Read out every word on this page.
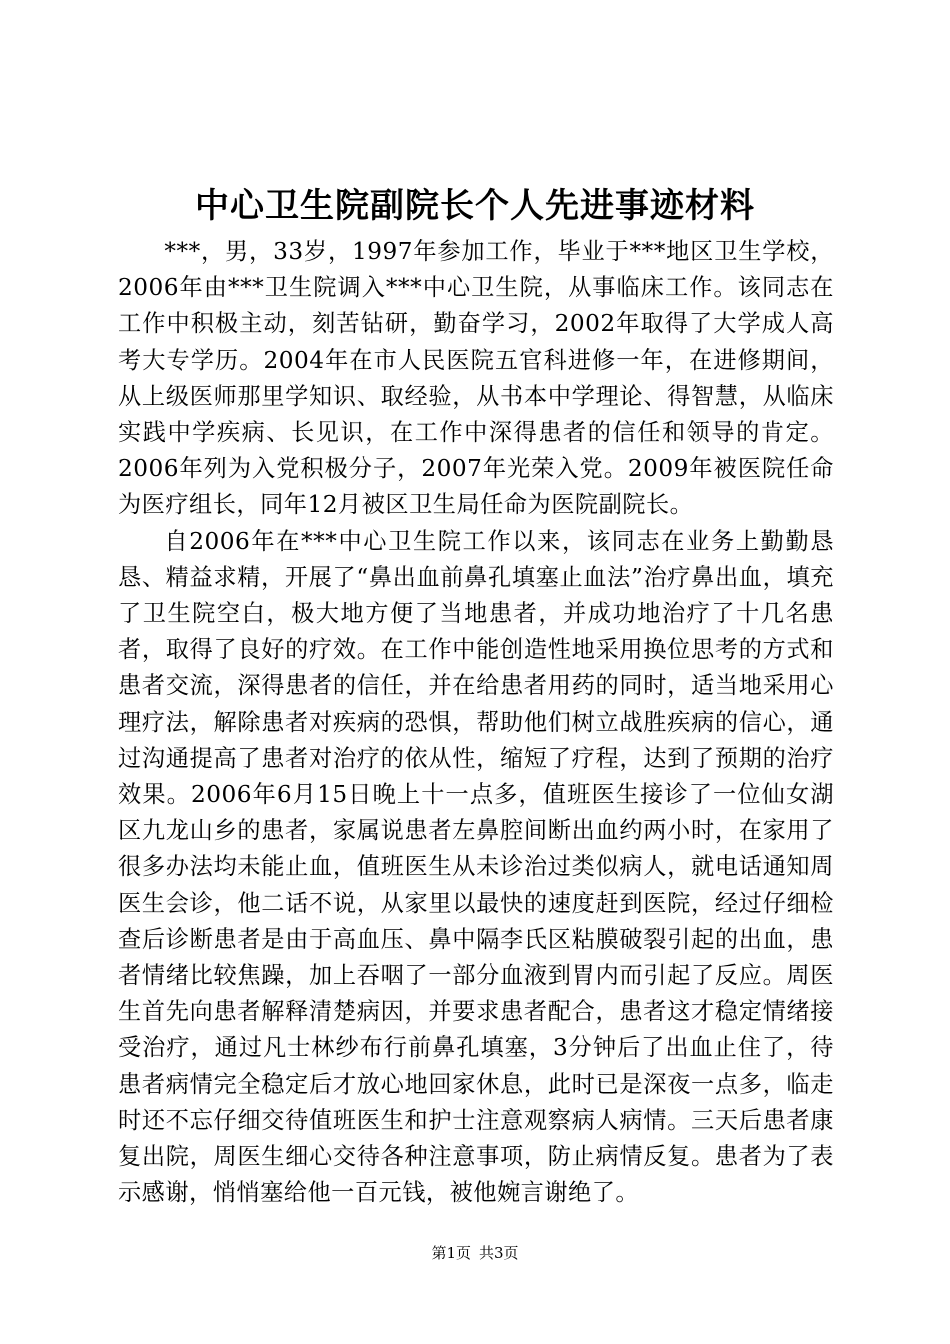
中心卫生院副院长个人先进事迹材料

***，男，33岁，1997年参加工作，毕业于***地区卫生学校，2006年由***卫生院调入***中心卫生院，从事临床工作。该同志在工作中积极主动，刻苦钻研，勤奋学习，2002年取得了大学成人高考大专学历。2004年在市人民医院五官科进修一年，在进修期间，从上级医师那里学知识、取经验，从书本中学理论、得智慧，从临床实践中学疾病、长见识，在工作中深得患者的信任和领导的肯定。2006年列为入党积极分子，2007年光荣入党。2009年被医院任命为医疗组长，同年12月被区卫生局任命为医院副院长。

自2006年在***中心卫生院工作以来，该同志在业务上勤勤恳恳、精益求精，开展了“鼻出血前鼻孔填塞止血法”治疗鼻出血，填充了卫生院空白，极大地方便了当地患者，并成功地治疗了十几名患者，取得了良好的疗效。在工作中能创造性地采用换位思考的方式和患者交流，深得患者的信任，并在给患者用药的同时，适当地采用心理疗法，解除患者对疾病的恐惧，帮助他们树立战胜疾病的信心，通过沟通提高了患者对治疗的依从性，缩短了疗程，达到了预期的治疗效果。2006年6月15日晚上十一点多，值班医生接诊了一位仙女湖区九龙山乡的患者，家属说患者左鼻腔间断出血约两小时，在家用了很多办法均未能止血，值班医生从未诊治过类似病人，就电话通知周医生会诊，他二话不说，从家里以最快的速度赶到医院，经过仔细检查后诊断患者是由于高血压、鼻中隔李氏区粘膜破裂引起的出血，患者情绪比较焦躁，加上吞咽了一部分血液到胃内而引起了反应。周医生首先向患者解释清楚病因，并要求患者配合，患者这才稳定情绪接受治疗，通过凡士林纱布行前鼻孔填塞，3分钟后了出血止住了，待患者病情完全稳定后才放心地回家休息，此时已是深夜一点多，临走时还不忘仔细交待值班医生和护士注意观察病人病情。三天后患者康复出院，周医生细心交待各种注意事项，防止病情反复。患者为了表示感谢，悄悄塞给他一百元钱，被他婉言谢绝了。

第1页 共3页
